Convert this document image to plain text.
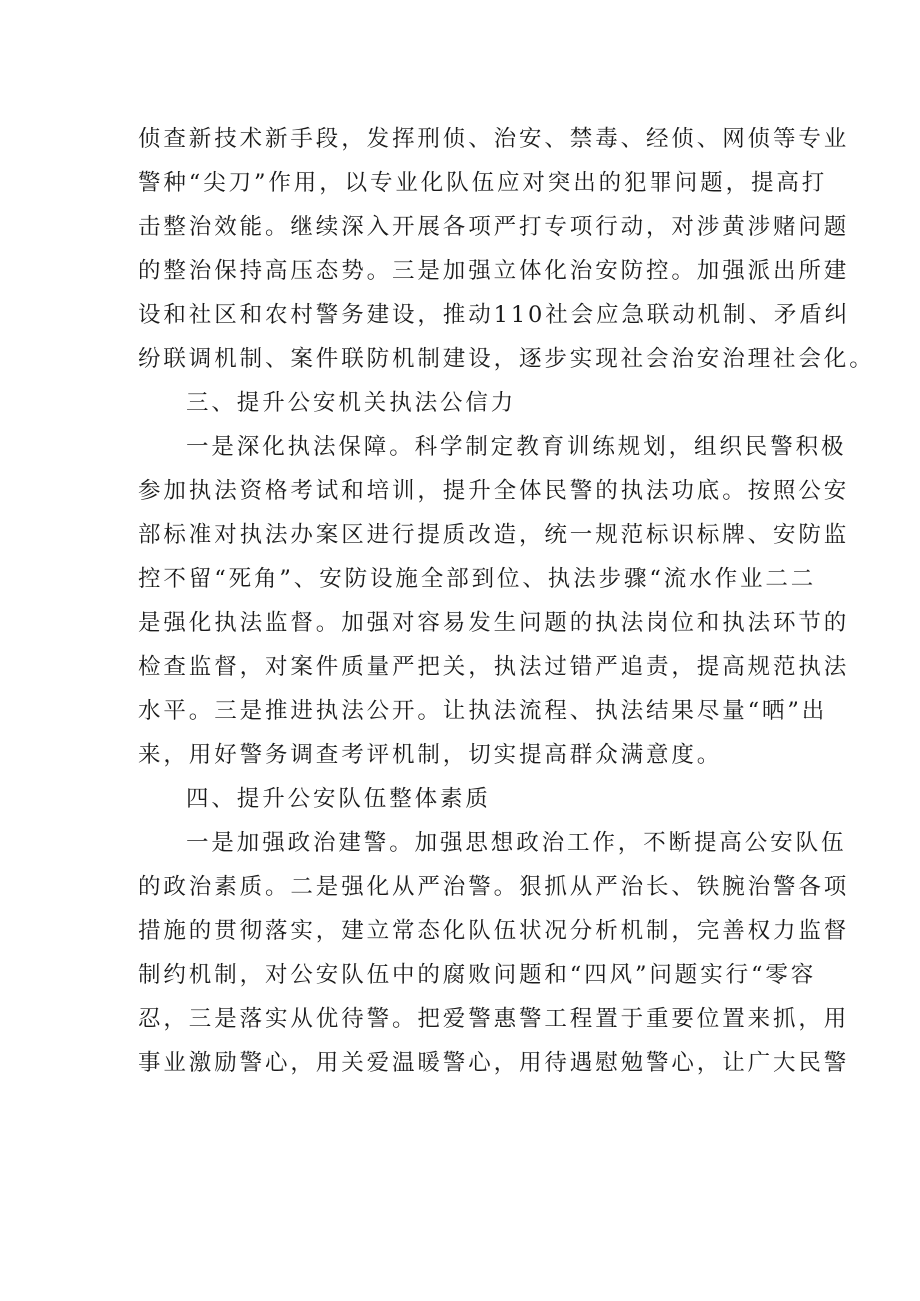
侦查新技术新手段，发挥刑侦、治安、禁毒、经侦、网侦等专业
警种“尖刀”作用，以专业化队伍应对突出的犯罪问题，提高打
击整治效能。继续深入开展各项严打专项行动，对涉黄涉赌问题
的整治保持高压态势。三是加强立体化治安防控。加强派出所建
设和社区和农村警务建设，推动110社会应急联动机制、矛盾纠
纷联调机制、案件联防机制建设，逐步实现社会治安治理社会化。
三、提升公安机关执法公信力
一是深化执法保障。科学制定教育训练规划，组织民警积极
参加执法资格考试和培训，提升全体民警的执法功底。按照公安
部标准对执法办案区进行提质改造，统一规范标识标牌、安防监
控不留“死角”、安防设施全部到位、执法步骤“流水作业二二
是强化执法监督。加强对容易发生问题的执法岗位和执法环节的
检查监督，对案件质量严把关，执法过错严追责，提高规范执法
水平。三是推进执法公开。让执法流程、执法结果尽量“晒”出
来，用好警务调查考评机制，切实提高群众满意度。
四、提升公安队伍整体素质
一是加强政治建警。加强思想政治工作，不断提高公安队伍
的政治素质。二是强化从严治警。狠抓从严治长、铁腕治警各项
措施的贯彻落实，建立常态化队伍状况分析机制，完善权力监督
制约机制，对公安队伍中的腐败问题和“四风”问题实行“零容
忍，三是落实从优待警。把爱警惠警工程置于重要位置来抓，用
事业激励警心，用关爱温暖警心，用待遇慰勉警心，让广大民警
